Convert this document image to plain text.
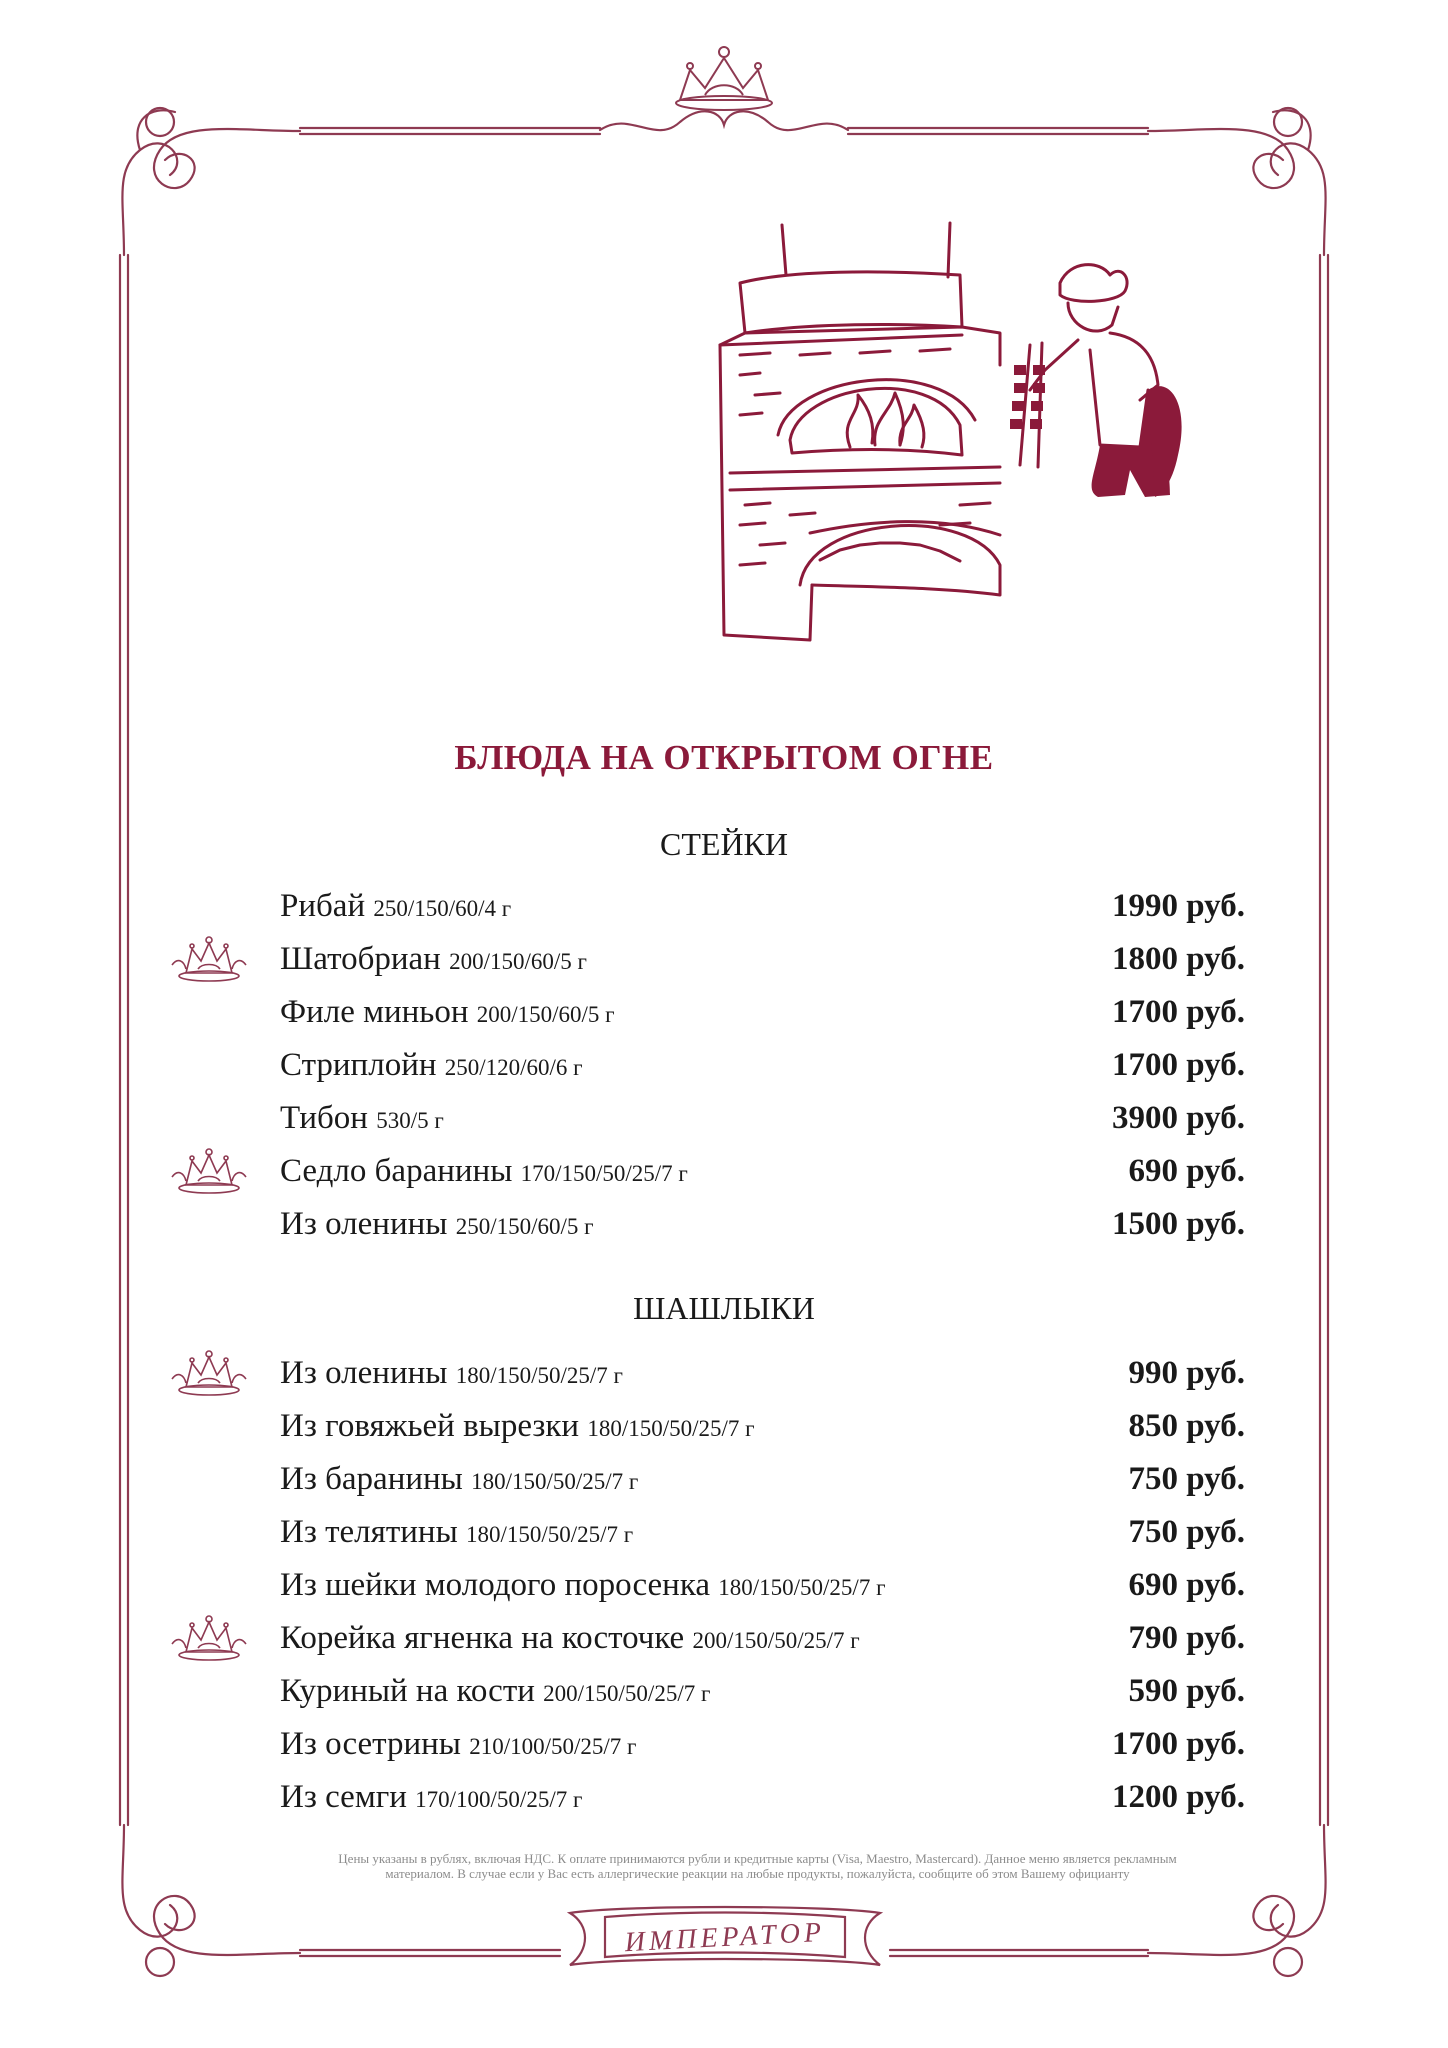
БЛЮДА НА ОТКРЫТОМ ОГНЕ
СТЕЙКИ
Рибай 250/150/60/4 г	1990 руб.
Шатобриан 200/150/60/5 г	1800 руб.
Филе миньон 200/150/60/5 г	1700 руб.
Стриплойн 250/120/60/6 г	1700 руб.
Тибон 530/5 г	3900 руб.
Седло баранины 170/150/50/25/7 г	690 руб.
Из оленины 250/150/60/5 г	1500 руб.
ШАШЛЫКИ
Из оленины 180/150/50/25/7 г	990 руб.
Из говяжьей вырезки 180/150/50/25/7 г	850 руб.
Из баранины 180/150/50/25/7 г	750 руб.
Из телятины 180/150/50/25/7 г	750 руб.
Из шейки молодого поросенка 180/150/50/25/7 г	690 руб.
Корейка ягненка на косточке 200/150/50/25/7 г	790 руб.
Куриный на кости 200/150/50/25/7 г	590 руб.
Из осетрины 210/100/50/25/7 г	1700 руб.
Из семги 170/100/50/25/7 г	1200 руб.
Цены указаны в рублях, включая НДС. К оплате принимаются рубли и кредитные карты (Visa, Maestro, Mastercard). Данное меню является рекламным
материалом. В случае если у Вас есть аллергические реакции на любые продукты, пожалуйста, сообщите об этом Вашему официанту
ИМПЕРАТОР
